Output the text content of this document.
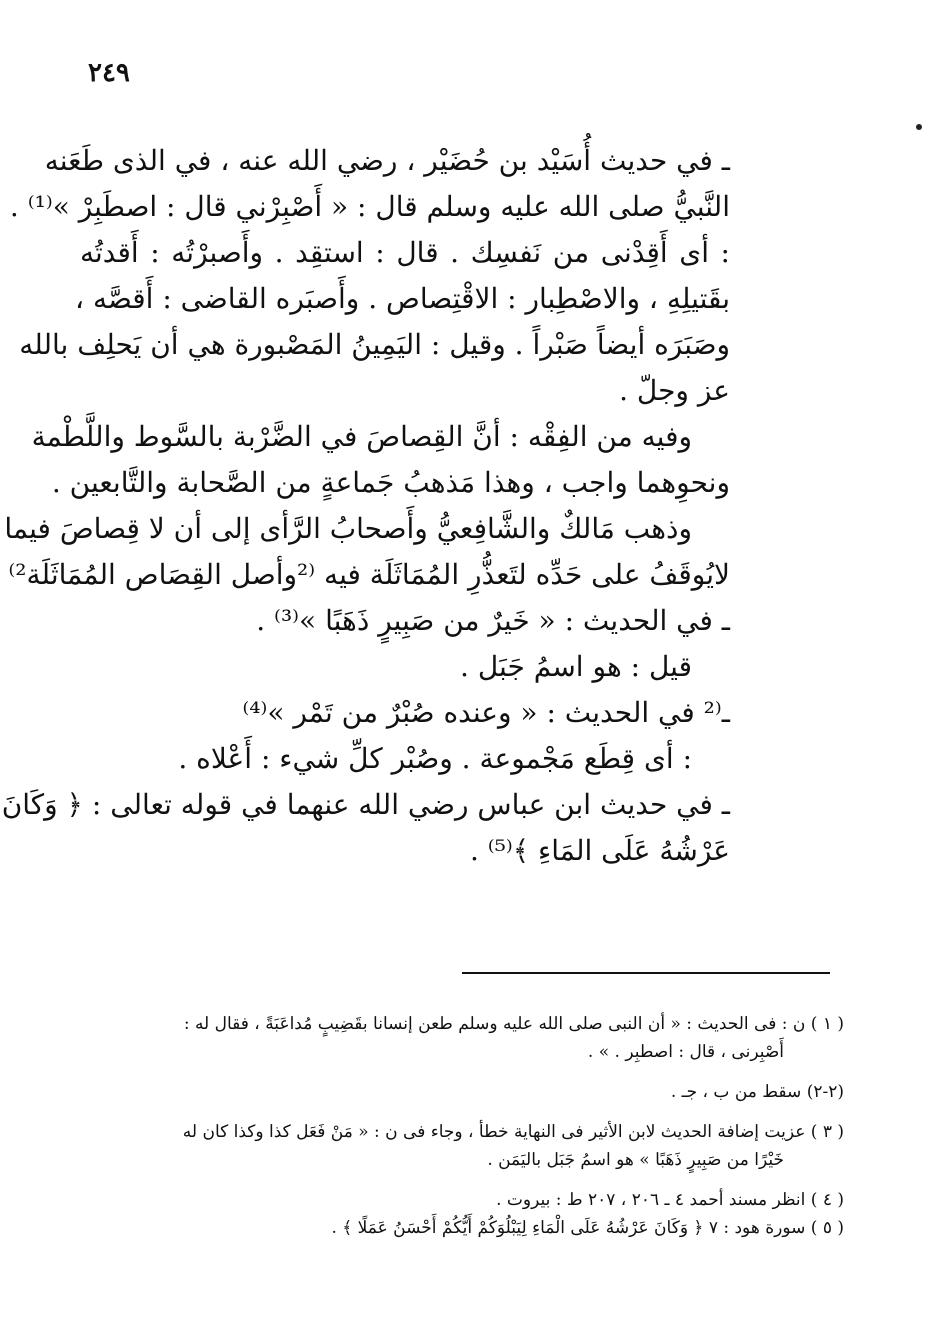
٢٤٩
ـ في حديث أُسَيْد بن حُضَيْر ، رضي الله عنه ، في الذى طَعَنه
النَّبيُّ صلى الله عليه وسلم قال : « أَصْبِرْني قال : اصطَبِرْ »⁽¹⁾ .
: أى أَقِدْنى من نَفسِك . قال : استقِد . وأَصبرْتُه : أَقدتُه
بقَتيلِهِ ، والاصْطِبار : الاقْتِصاص . وأَصبَره القاضى : أَقصَّه ،
وصَبَرَه أيضاً صَبْراً . وقيل : اليَمِينُ المَصْبورة هي أن يَحلِف بالله
عز وجلّ .
وفيه من الفِقْه : أنَّ القِصاصَ في الضَّرْبة بالسَّوط واللَّطْمة
ونحوِهما واجب ، وهذا مَذهبُ جَماعةٍ من الصَّحابة والتَّابعين .
وذهب مَالكٌ والشَّافِعيُّ وأَصحابُ الرَّأى إلى أن لا قِصاصَ فيما
لايُوقَفُ على حَدِّه لتَعذُّرِ المُمَاثَلَة فيه ⁽²وأصل القِصَاص المُمَاثَلَة²⁾
ـ في الحديث : « خَيرٌ من صَبِيرٍ ذَهَبًا »⁽³⁾ .
قيل : هو اسمُ جَبَل .
ـ⁽² في الحديث : « وعنده صُبْرٌ من تَمْر »⁽⁴⁾
: أى قِطَع مَجْموعة . وصُبْر كلِّ شيء : أَعْلاه .
ـ في حديث ابن عباس رضي الله عنهما في قوله تعالى : ﴿ وَكَانَ
عَرْشُهُ عَلَى المَاءِ ﴾⁽⁵⁾ .
( ١ ) ن : فى الحديث : « أن النبى صلى الله عليه وسلم طعن إنسانا بقَضِيبٍ مُداعَبَةً ، فقال له :
أَصْبِرنى ، قال : اصطبِر . » .
(٢-٢) سقط من ب ، جـ .
( ٣ ) عزيت إضافة الحديث لابن الأثير فى النهاية خطأ ، وجاء فى ن : « مَنْ فَعَل كذا وكذا كان له
خَيْرًا من صَبِيرٍ ذَهَبًا » هو اسمُ جَبَل باليَمَن .
( ٤ ) انظر مسند أحمد ٤ ـ ٢٠٦ ، ٢٠٧ ط : بيروت .
( ٥ ) سورة هود : ٧ ﴿ وَكَانَ عَرْشُهُ عَلَى الْمَاءِ لِيَبْلُوَكُمْ أَيُّكُمْ أَحْسَنُ عَمَلًا ﴾ .
